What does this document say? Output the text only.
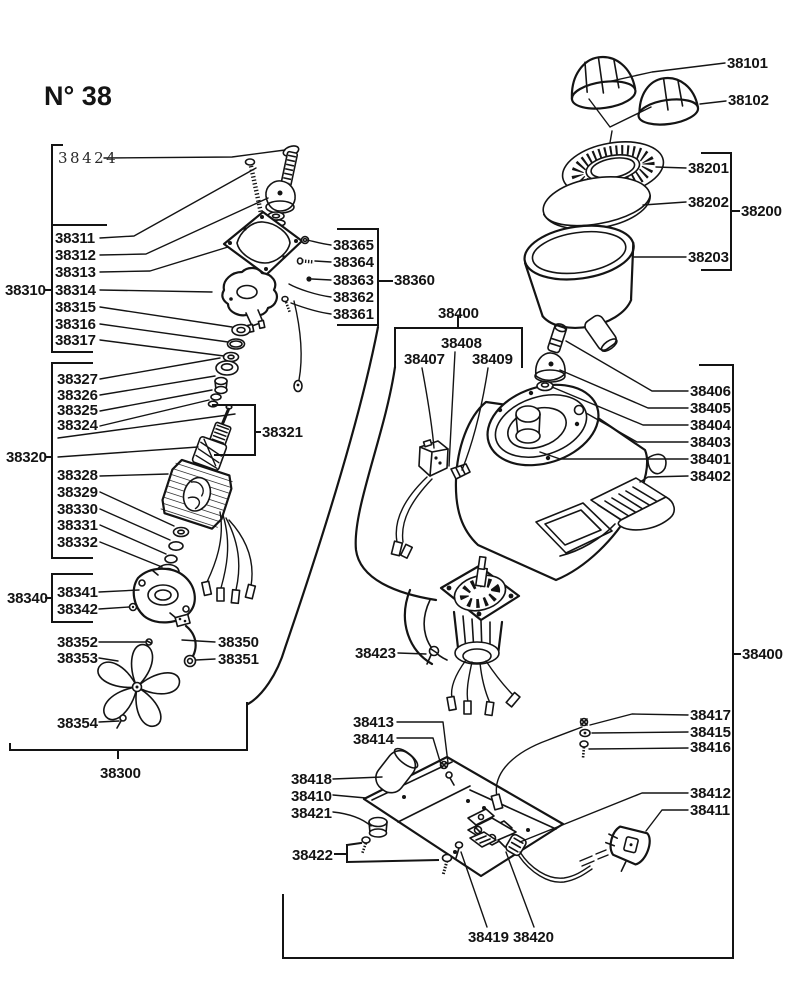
N° 38
38101
38102
38201
38202
38200
38203
38424
38311
38312
38313
38314
38310
38315
38316
38317
38365
38364
38363 38360
38362
38361
38327
38326
38325
38324	38321
38320
38328
38329
38330
38331
38332
38341
38342
38340
38352
38353
38350
38351
38354
38300
38400
38408
38407 38409
38423
38406
38405
38404
38403
38401
38402
38400
38413
38414
38418
38410
38421
38422
38419 38420
38417
38415
38416
38412
38411
